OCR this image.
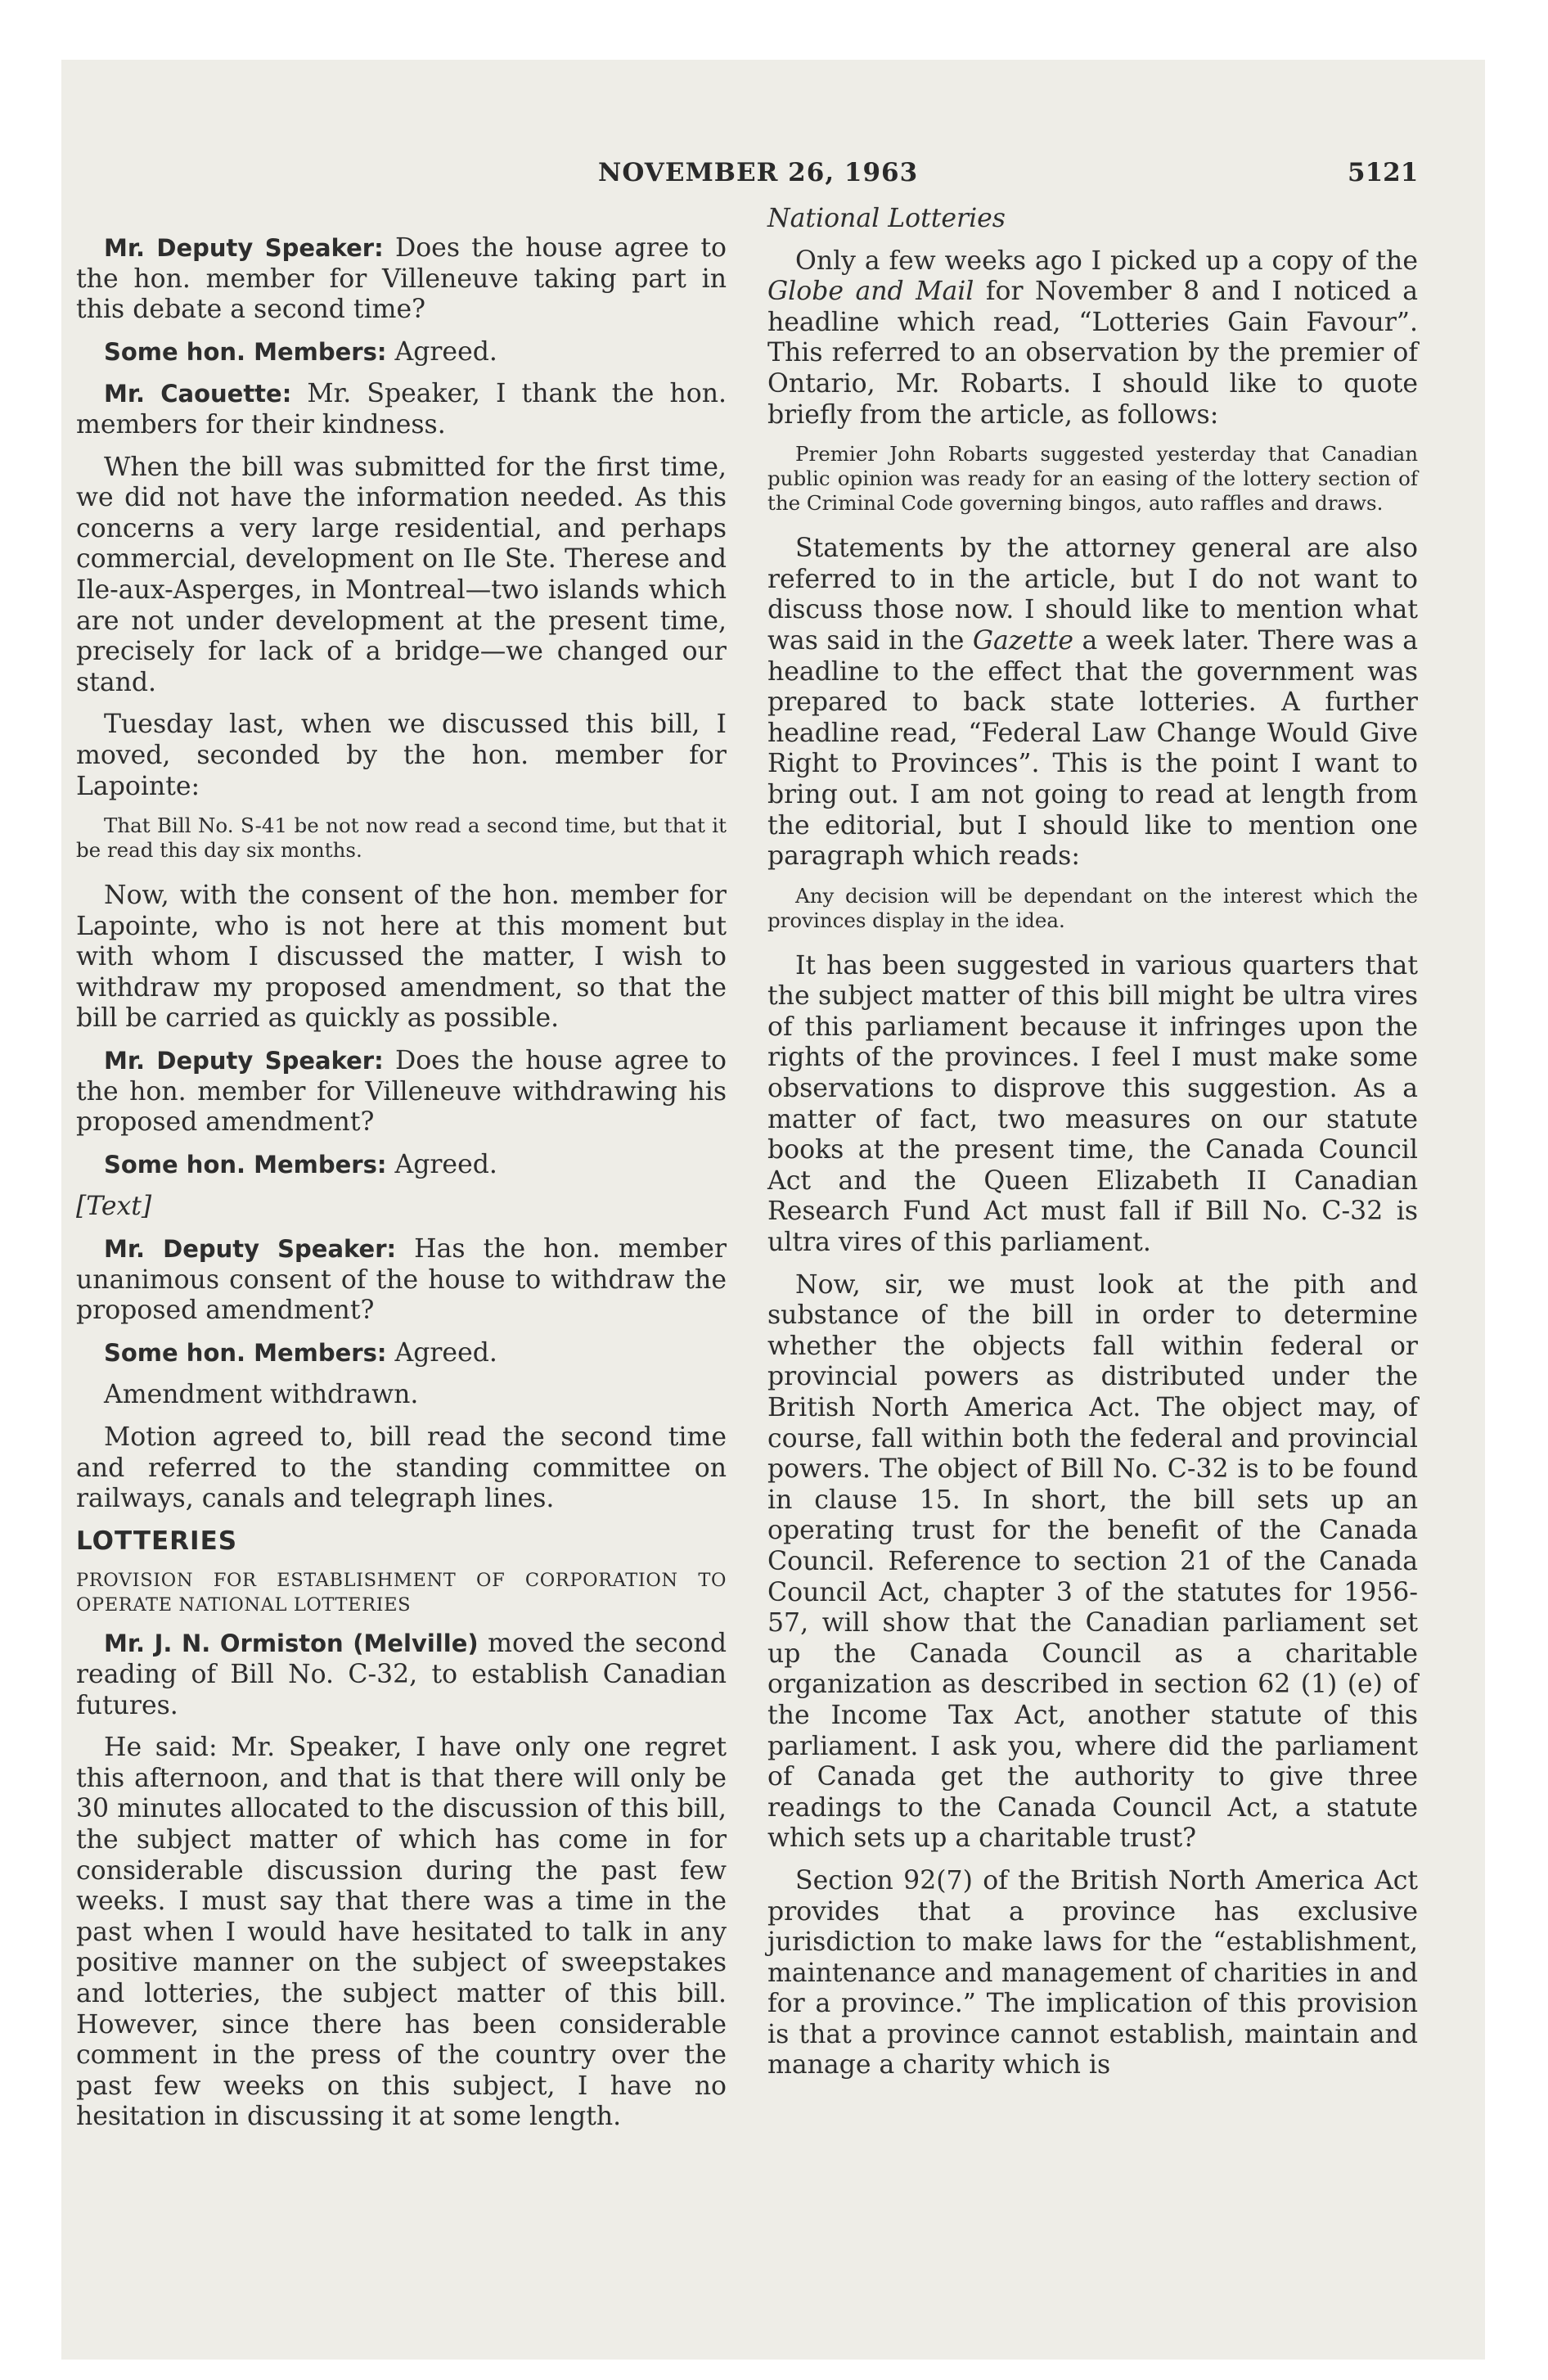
NOVEMBER 26, 1963	5121

Mr. Deputy Speaker: Does the house agree to the hon. member for Villeneuve taking part in this debate a second time?

Some hon. Members: Agreed.

Mr. Caouette: Mr. Speaker, I thank the hon. members for their kindness.

When the bill was submitted for the first time, we did not have the information needed. As this concerns a very large residential, and perhaps commercial, development on Ile Ste. Therese and Ile-aux-Asperges, in Montreal—two islands which are not under development at the present time, precisely for lack of a bridge—we changed our stand.

Tuesday last, when we discussed this bill, I moved, seconded by the hon. member for Lapointe:

That Bill No. S-41 be not now read a second time, but that it be read this day six months.

Now, with the consent of the hon. member for Lapointe, who is not here at this moment but with whom I discussed the matter, I wish to withdraw my proposed amendment, so that the bill be carried as quickly as possible.

Mr. Deputy Speaker: Does the house agree to the hon. member for Villeneuve withdrawing his proposed amendment?

Some hon. Members: Agreed.

[Text]

Mr. Deputy Speaker: Has the hon. member unanimous consent of the house to withdraw the proposed amendment?

Some hon. Members: Agreed.

Amendment withdrawn.

Motion agreed to, bill read the second time and referred to the standing committee on railways, canals and telegraph lines.

LOTTERIES

PROVISION FOR ESTABLISHMENT OF CORPORATION TO OPERATE NATIONAL LOTTERIES

Mr. J. N. Ormiston (Melville) moved the second reading of Bill No. C-32, to establish Canadian futures.

He said: Mr. Speaker, I have only one regret this afternoon, and that is that there will only be 30 minutes allocated to the discussion of this bill, the subject matter of which has come in for considerable discussion during the past few weeks. I must say that there was a time in the past when I would have hesitated to talk in any positive manner on the subject of sweepstakes and lotteries, the subject matter of this bill. However, since there has been considerable comment in the press of the country over the past few weeks on this subject, I have no hesitation in discussing it at some length.

National Lotteries

Only a few weeks ago I picked up a copy of the Globe and Mail for November 8 and I noticed a headline which read, “Lotteries Gain Favour”. This referred to an observation by the premier of Ontario, Mr. Robarts. I should like to quote briefly from the article, as follows:

Premier John Robarts suggested yesterday that Canadian public opinion was ready for an easing of the lottery section of the Criminal Code governing bingos, auto raffles and draws.

Statements by the attorney general are also referred to in the article, but I do not want to discuss those now. I should like to mention what was said in the Gazette a week later. There was a headline to the effect that the government was prepared to back state lotteries. A further headline read, “Federal Law Change Would Give Right to Provinces”. This is the point I want to bring out. I am not going to read at length from the editorial, but I should like to mention one paragraph which reads:

Any decision will be dependant on the interest which the provinces display in the idea.

It has been suggested in various quarters that the subject matter of this bill might be ultra vires of this parliament because it infringes upon the rights of the provinces. I feel I must make some observations to disprove this suggestion. As a matter of fact, two measures on our statute books at the present time, the Canada Council Act and the Queen Elizabeth II Canadian Research Fund Act must fall if Bill No. C-32 is ultra vires of this parliament.

Now, sir, we must look at the pith and substance of the bill in order to determine whether the objects fall within federal or provincial powers as distributed under the British North America Act. The object may, of course, fall within both the federal and provincial powers. The object of Bill No. C-32 is to be found in clause 15. In short, the bill sets up an operating trust for the benefit of the Canada Council. Reference to section 21 of the Canada Council Act, chapter 3 of the statutes for 1956-57, will show that the Canadian parliament set up the Canada Council as a charitable organization as described in section 62 (1) (e) of the Income Tax Act, another statute of this parliament. I ask you, where did the parliament of Canada get the authority to give three readings to the Canada Council Act, a statute which sets up a charitable trust?

Section 92(7) of the British North America Act provides that a province has exclusive jurisdiction to make laws for the “establishment, maintenance and management of charities in and for a province.” The implication of this provision is that a province cannot establish, maintain and manage a charity which is
